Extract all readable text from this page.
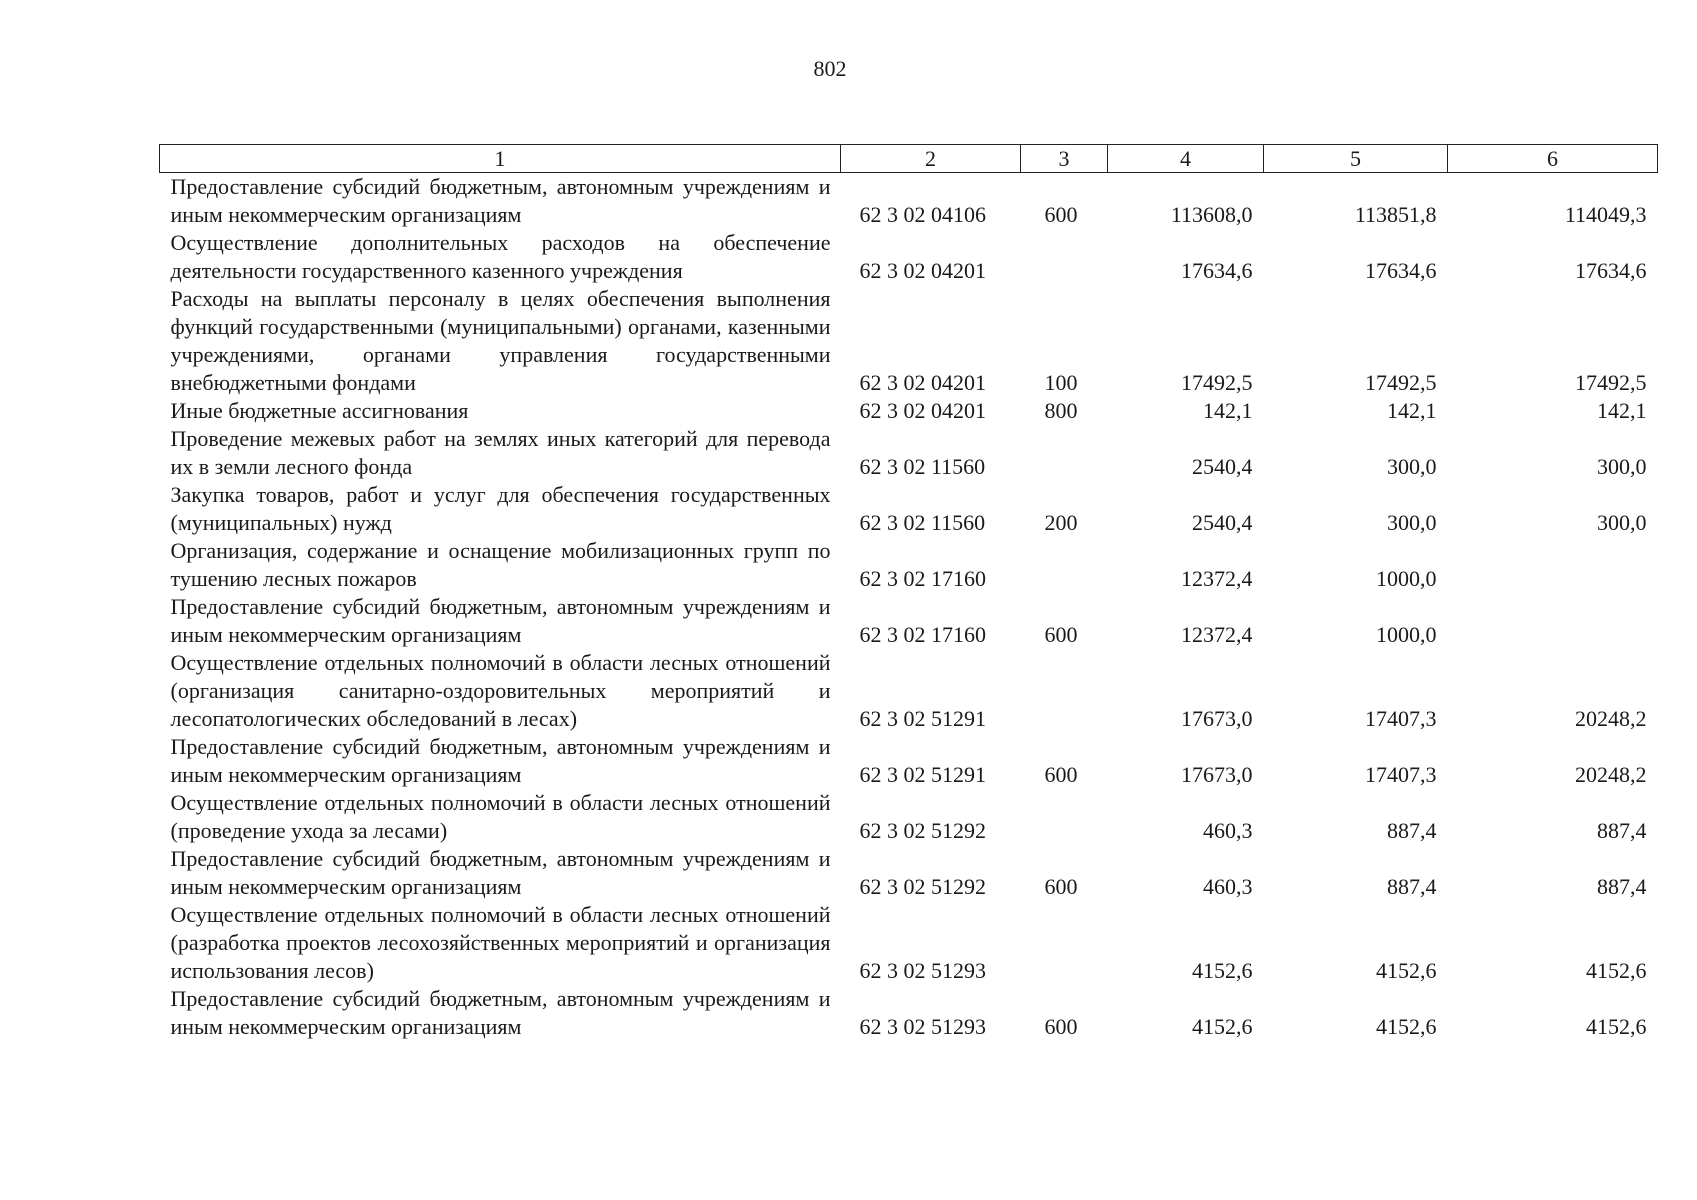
802
1	2	3	4	5	6
Предоставление субсидий бюджетным, автономным учреждениям и иным некоммерческим организациям	62 3 02 04106	600	113608,0	113851,8	114049,3
Осуществление дополнительных расходов на обеспечение деятельности государственного казенного учреждения	62 3 02 04201		17634,6	17634,6	17634,6
Расходы на выплаты персоналу в целях обеспечения выполнения функций государственными (муниципальными) органами, казенными учреждениями, органами управления государственными внебюджетными фондами	62 3 02 04201	100	17492,5	17492,5	17492,5
Иные бюджетные ассигнования	62 3 02 04201	800	142,1	142,1	142,1
Проведение межевых работ на землях иных категорий для перевода их в земли лесного фонда	62 3 02 11560		2540,4	300,0	300,0
Закупка товаров, работ и услуг для обеспечения государственных (муниципальных) нужд	62 3 02 11560	200	2540,4	300,0	300,0
Организация, содержание и оснащение мобилизационных групп по тушению лесных пожаров	62 3 02 17160		12372,4	1000,0	
Предоставление субсидий бюджетным, автономным учреждениям и иным некоммерческим организациям	62 3 02 17160	600	12372,4	1000,0	
Осуществление отдельных полномочий в области лесных отношений (организация санитарно-оздоровительных мероприятий и лесопатологических обследований в лесах)	62 3 02 51291		17673,0	17407,3	20248,2
Предоставление субсидий бюджетным, автономным учреждениям и иным некоммерческим организациям	62 3 02 51291	600	17673,0	17407,3	20248,2
Осуществление отдельных полномочий в области лесных отношений (проведение ухода за лесами)	62 3 02 51292		460,3	887,4	887,4
Предоставление субсидий бюджетным, автономным учреждениям и иным некоммерческим организациям	62 3 02 51292	600	460,3	887,4	887,4
Осуществление отдельных полномочий в области лесных отношений (разработка проектов лесохозяйственных мероприятий и организация использования лесов)	62 3 02 51293		4152,6	4152,6	4152,6
Предоставление субсидий бюджетным, автономным учреждениям и иным некоммерческим организациям	62 3 02 51293	600	4152,6	4152,6	4152,6
